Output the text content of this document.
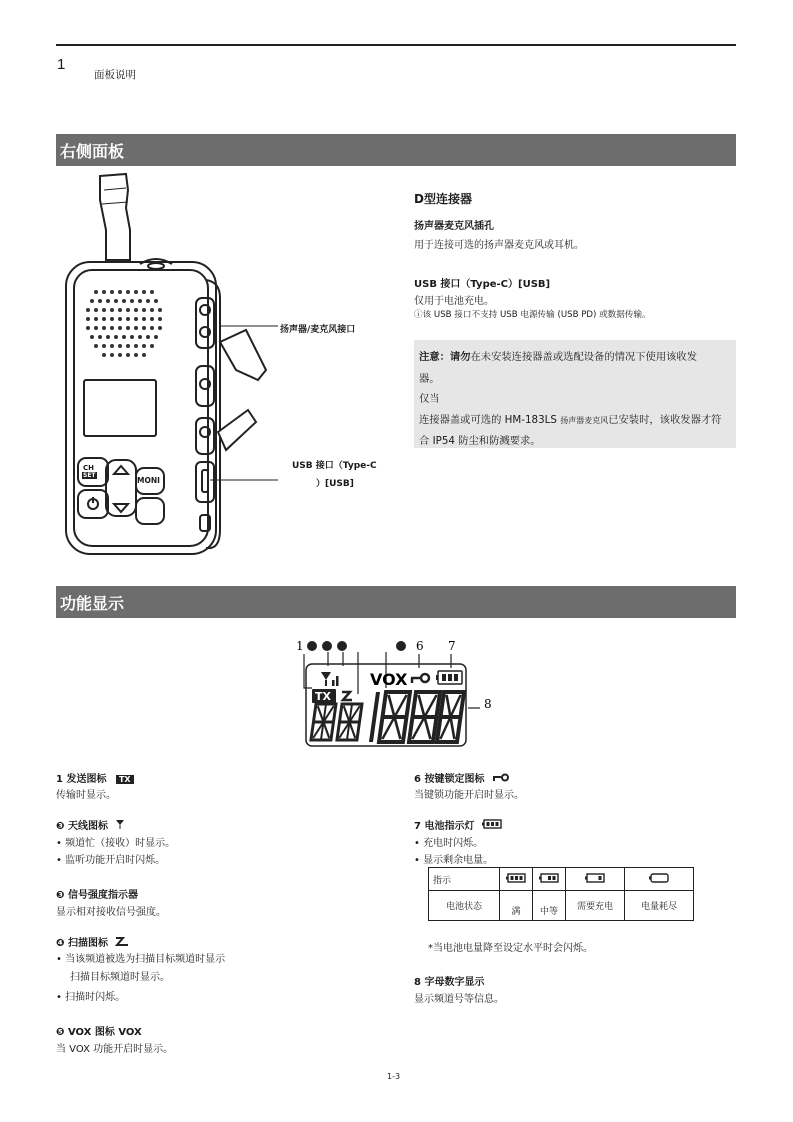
1
面板说明
右侧面板
CH
SET
MONI
扬声器/麦克风接口
USB 接口（Type-C
）[USB]
D型连接器
扬声器麦克风插孔
用于连接可选的扬声器麦克风或耳机。
USB 接口（Type-C）[USB]
仅用于电池充电。
ⓘ该 USB 接口不支持 USB 电源传输 (USB PD) 或数据传输。
注意：请勿在未安装连接器盖或选配设备的情况下使用该收发
器。
仅当
连接器盖或可选的 HM-183LS 扬声器麦克风已安装时，该收发器才符
合 IP54 防尘和防溅要求。
功能显示
1	6 7
8
VOX
TX
1 发送图标 TX
传输时显示。
❸ 天线图标
• 频道忙（接收）时显示。
• 监听功能开启时闪烁。
❸ 信号强度指示器
显示相对接收信号强度。
❹ 扫描图标
• 当该频道被选为扫描目标频道时显示
扫描目标频道时显示。
• 扫描时闪烁。
❺ VOX 图标 VOX
当 VOX 功能开启时显示。
6 按键锁定图标
当键锁功能开启时显示。
7 电池指示灯
• 充电时闪烁。
• 显示剩余电量。
指示				
电池状态	满	中等	需要充电	电量耗尽
*当电池电量降至设定水平时会闪烁。
8 字母数字显示
显示频道号等信息。
1-3
